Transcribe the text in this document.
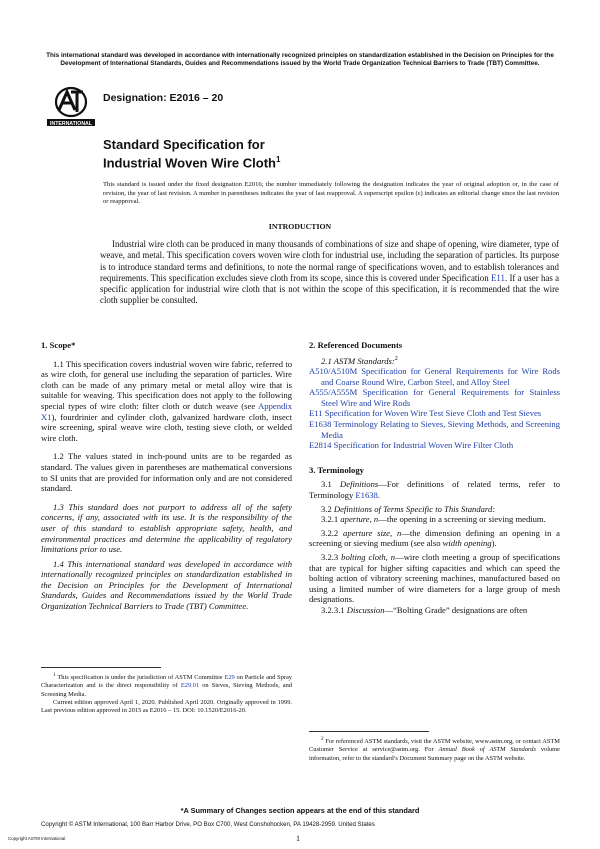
This international standard was developed in accordance with internationally recognized principles on standardization established in the Decision on Principles for the Development of International Standards, Guides and Recommendations issued by the World Trade Organization Technical Barriers to Trade (TBT) Committee.
INTERNATIONAL
Designation: E2016 – 20
Standard Specification for
Industrial Woven Wire Cloth$^1$
This standard is issued under the fixed designation E2016; the number immediately following the designation indicates the year of original adoption or, in the case of revision, the year of last revision. A number in parentheses indicates the year of last reapproval. A superscript epsilon (ε) indicates an editorial change since the last revision or reapproval.
INTRODUCTION
Industrial wire cloth can be produced in many thousands of combinations of size and shape of opening, wire diameter, type of weave, and metal. This specification covers woven wire cloth for industrial use, including the separation of particles. Its purpose is to introduce standard terms and definitions, to note the normal range of specifications woven, and to establish tolerances and requirements. This specification excludes sieve cloth from its scope, since this is covered under Specification E11. If a user has a specific application for industrial wire cloth that is not within the scope of this specification, it is recommended that the wire cloth supplier be consulted.
1. Scope*

1.1 This specification covers industrial woven wire fabric, referred to as wire cloth, for general use including the separation of particles. Wire cloth can be made of any primary metal or metal alloy wire that is suitable for weaving. This specification does not apply to the following special types of wire cloth: filter cloth or dutch weave (see Appendix X1), fourdrinier and cylinder cloth, galvanized hardware cloth, insect wire screening, spiral weave wire cloth, testing sieve cloth, or welded wire cloth.

1.2 The values stated in inch-pound units are to be regarded as standard. The values given in parentheses are mathematical conversions to SI units that are provided for information only and are not considered standard.

1.3 This standard does not purport to address all of the safety concerns, if any, associated with its use. It is the responsibility of the user of this standard to establish appropriate safety, health, and environmental practices and determine the applicability of regulatory limitations prior to use.

1.4 This international standard was developed in accordance with internationally recognized principles on standardization established in the Decision on Principles for the Development of International Standards, Guides and Recommendations issued by the World Trade Organization Technical Barriers to Trade (TBT) Committee.

$^1$ This specification is under the jurisdiction of ASTM Committee E29 on Particle and Spray Characterization and is the direct responsibility of E29.01 on Sieves, Sieving Methods, and Screening Media.

Current edition approved April 1, 2020. Published April 2020. Originally approved in 1999. Last previous edition approved in 2015 as E2016 – 15. DOI: 10.1520/E2016-20.

2. Referenced Documents

2.1 ASTM Standards:$^2$

A510/A510M Specification for General Requirements for Wire Rods and Coarse Round Wire, Carbon Steel, and Alloy Steel

A555/A555M Specification for General Requirements for Stainless Steel Wire and Wire Rods

E11 Specification for Woven Wire Test Sieve Cloth and Test Sieves

E1638 Terminology Relating to Sieves, Sieving Methods, and Screening Media

E2814 Specification for Industrial Woven Wire Filter Cloth

3. Terminology

3.1 Definitions—For definitions of related terms, refer to Terminology E1638.

3.2 Definitions of Terms Specific to This Standard:

3.2.1 aperture, n—the opening in a screening or sieving medium.

3.2.2 aperture size, n—the dimension defining an opening in a screening or sieving medium (see also width opening).

3.2.3 bolting cloth, n—wire cloth meeting a group of specifications that are typical for higher sifting capacities and which can speed the bolting action of vibratory screening machines, manufactured based on using a limited number of wire diameters for a large group of mesh designations.

3.2.3.1 Discussion—“Bolting Grade” designations are often

$^2$ For referenced ASTM standards, visit the ASTM website, www.astm.org, or contact ASTM Customer Service at service@astm.org. For Annual Book of ASTM Standards volume information, refer to the standard’s Document Summary page on the ASTM website.

*A Summary of Changes section appears at the end of this standard
Copyright © ASTM International, 100 Barr Harbor Drive, PO Box C700, West Conshohocken, PA 19428-2959. United States
Copyright ASTM International	1
